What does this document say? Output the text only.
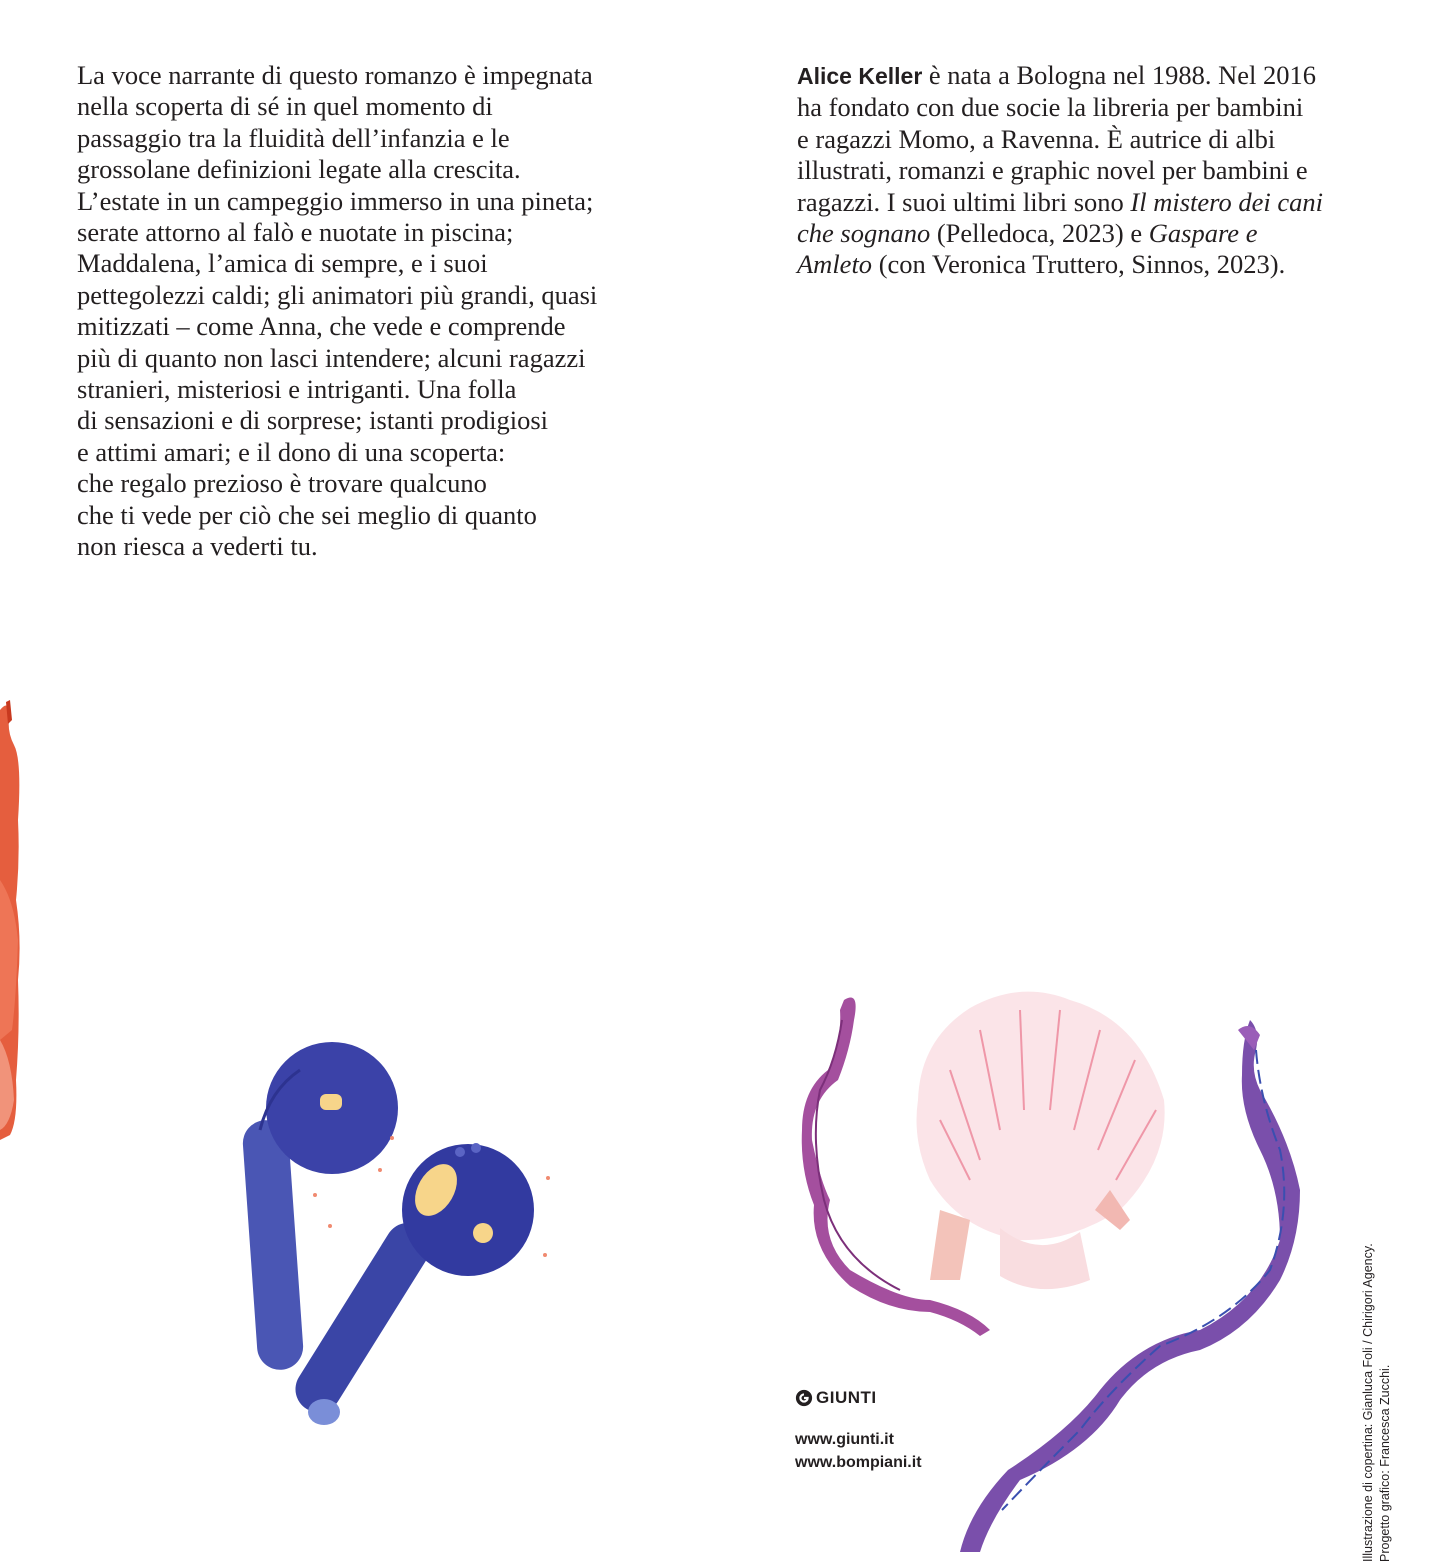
La voce narrante di questo romanzo è impegnata
nella scoperta di sé in quel momento di
passaggio tra la fluidità dell’infanzia e le
grossolane definizioni legate alla crescita.
L’estate in un campeggio immerso in una pineta;
serate attorno al falò e nuotate in piscina;
Maddalena, l’amica di sempre, e i suoi
pettegolezzi caldi; gli animatori più grandi, quasi
mitizzati – come Anna, che vede e comprende
più di quanto non lasci intendere; alcuni ragazzi
stranieri, misteriosi e intriganti. Una folla
di sensazioni e di sorprese; istanti prodigiosi
e attimi amari; e il dono di una scoperta:
che regalo prezioso è trovare qualcuno
che ti vede per ciò che sei meglio di quanto
non riesca a vederti tu.
Alice Keller è nata a Bologna nel 1988. Nel 2016
ha fondato con due socie la libreria per bambini
e ragazzi Momo, a Ravenna. È autrice di albi
illustrati, romanzi e graphic novel per bambini e
ragazzi. I suoi ultimi libri sono Il mistero dei cani
che sognano (Pelledoca, 2023) e Gaspare e
Amleto (con Veronica Truttero, Sinnos, 2023).
GIUNTI
www.giunti.it
www.bompiani.it	Illustrazione di copertina: Gianluca Foli / Chirigori Agency. Progetto grafico: Francesca Zucchi.
